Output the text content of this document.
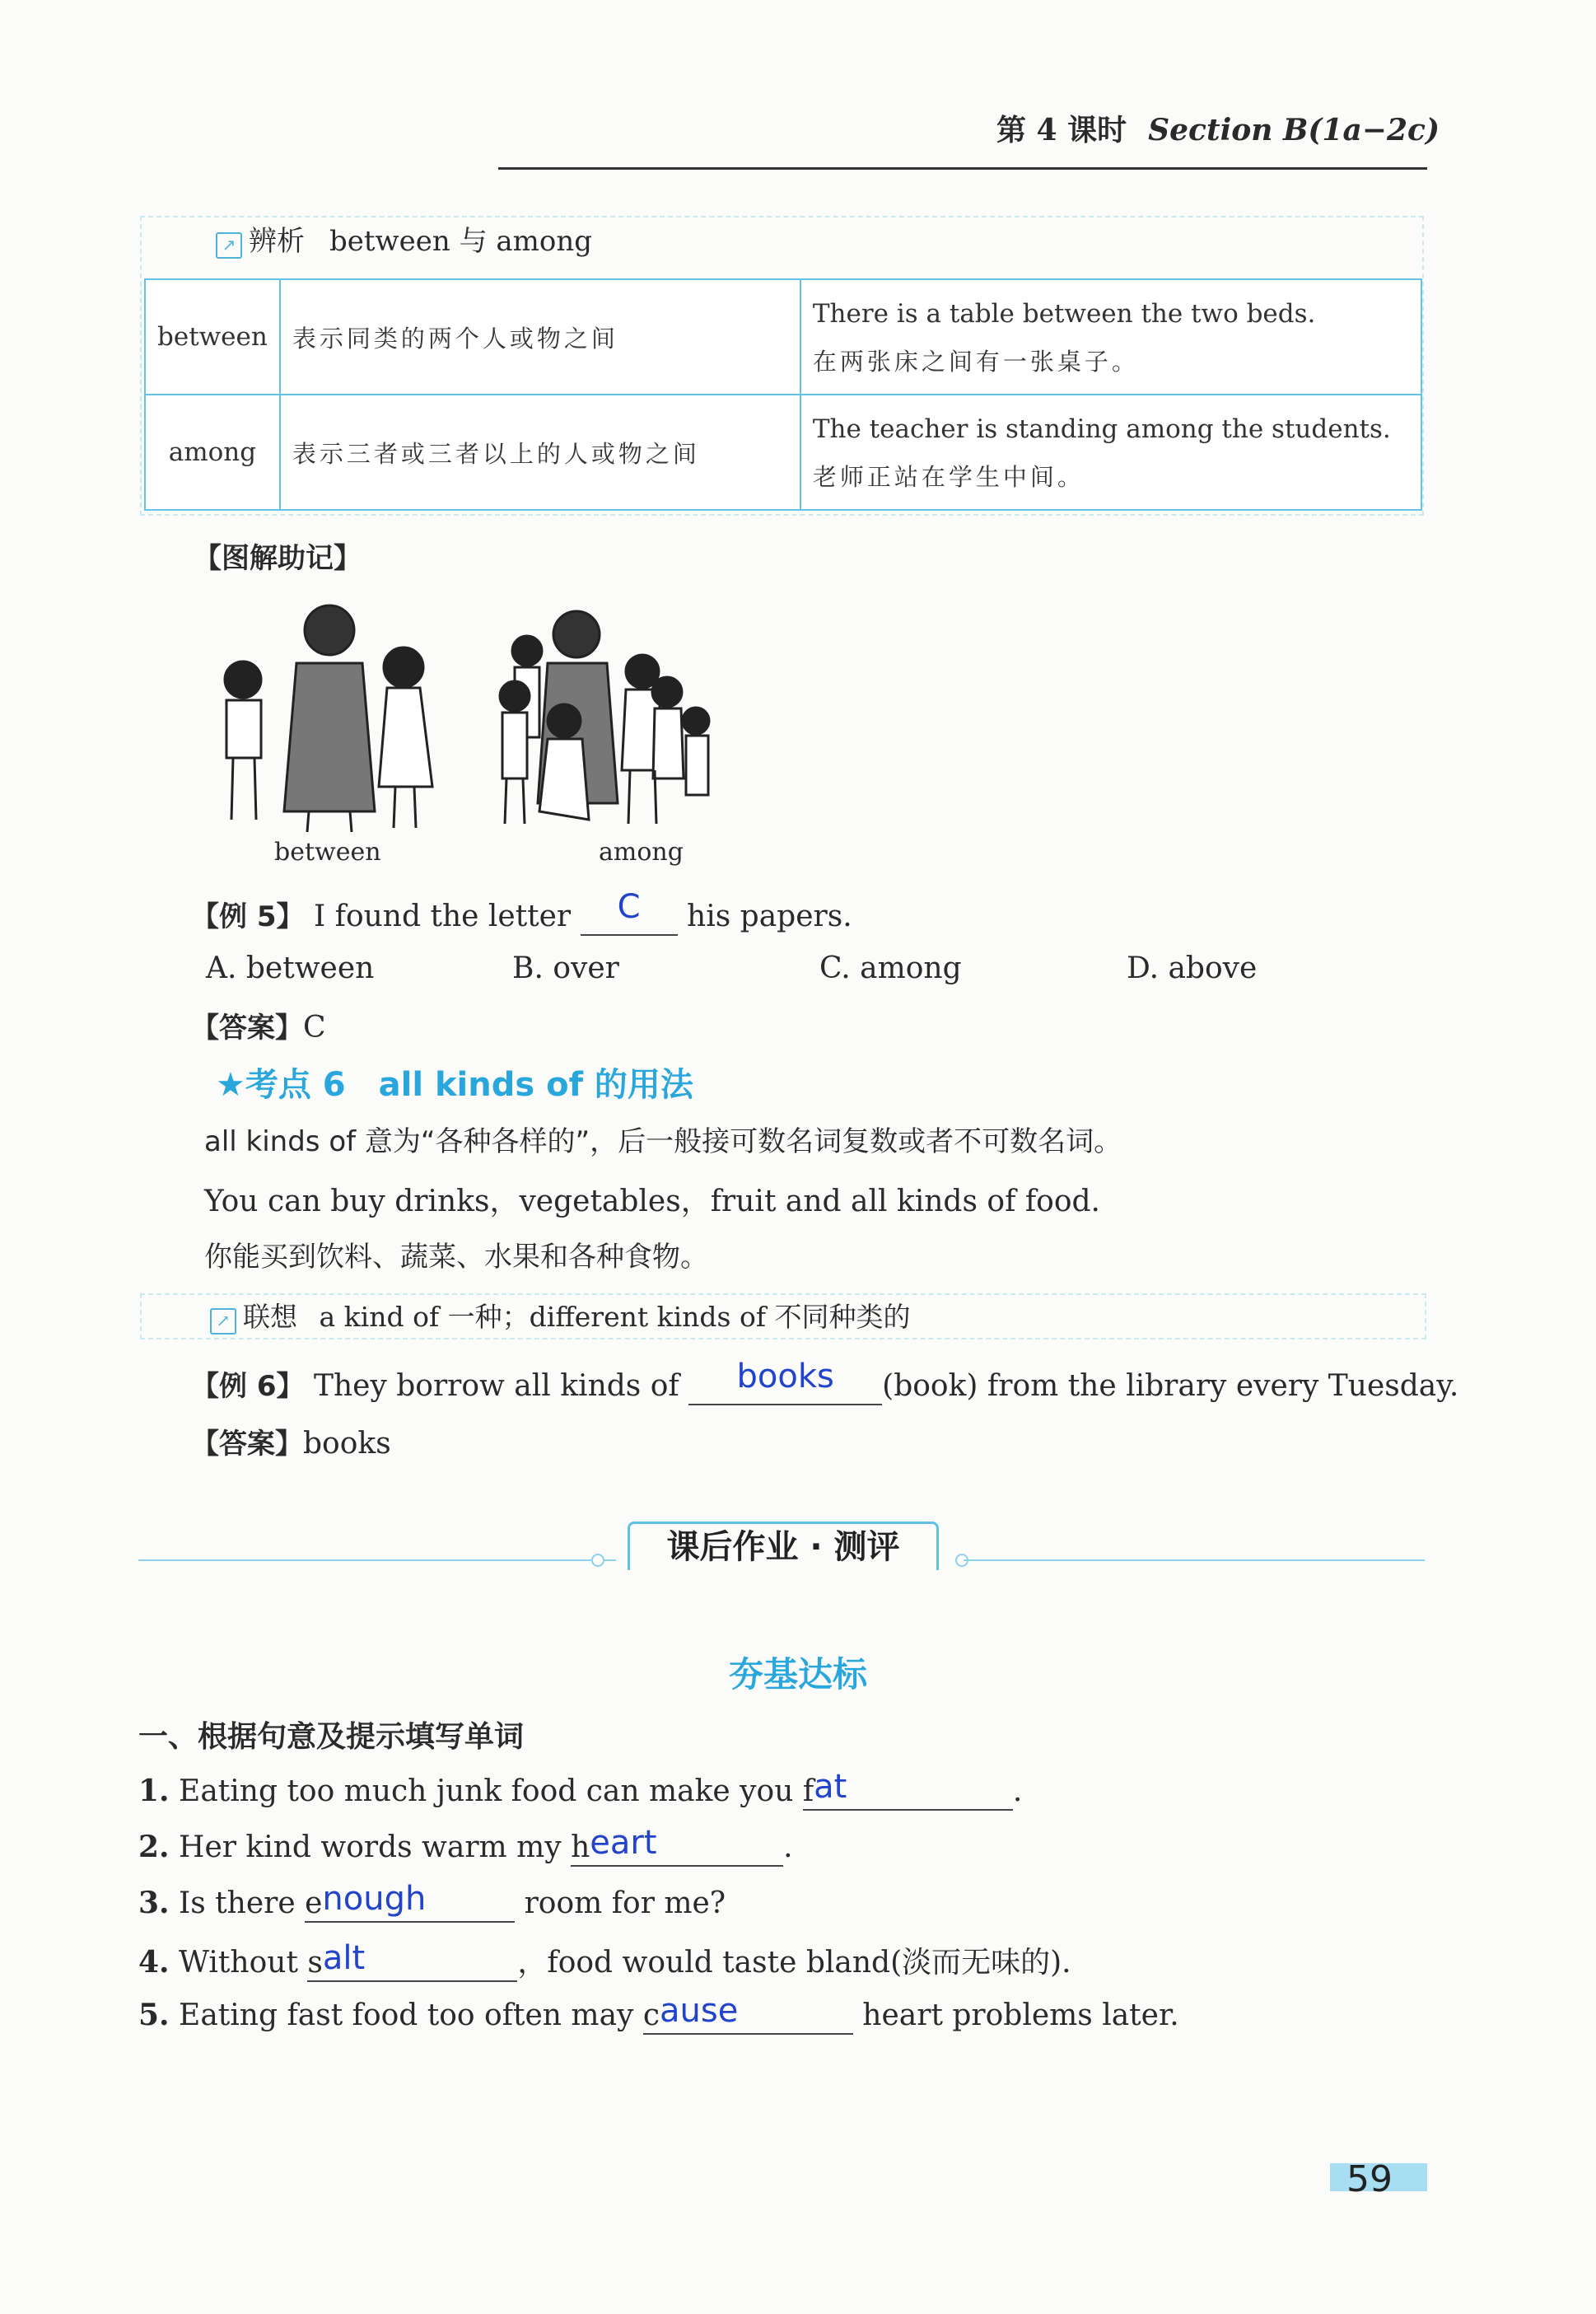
第 4 课时 Section B(1a−2c)
↗ 辨析 between 与 among
between	表示同类的两个人或物之间	There is a table between the two beds.
在两张床之间有一张桌子。

among	表示三者或三者以上的人或物之间	The teacher is standing among the students.
老师正站在学生中间。
【图解助记】
between	among
【例 5】 I found the letter C his papers.
A. between	B. over	C. among	D. above
【答案】C
★考点 6　all kinds of 的用法
all kinds of 意为“各种各样的”，后一般接可数名词复数或者不可数名词。
You can buy drinks，vegetables，fruit and all kinds of food.
你能买到饮料、蔬菜、水果和各种食物。
↗ 联想 a kind of 一种；different kinds of 不同种类的
【例 6】 They borrow all kinds of books (book) from the library every Tuesday.
【答案】books
课后作业 · 测评
夯基达标
一、根据句意及提示填写单词
1. Eating too much junk food can make you fat	.
2. Her kind words warm my heart	.
3. Is there enough	room for me?
4. Without salt	，food would taste bland(淡而无味的).
5. Eating fast food too often may cause	heart problems later.
59
